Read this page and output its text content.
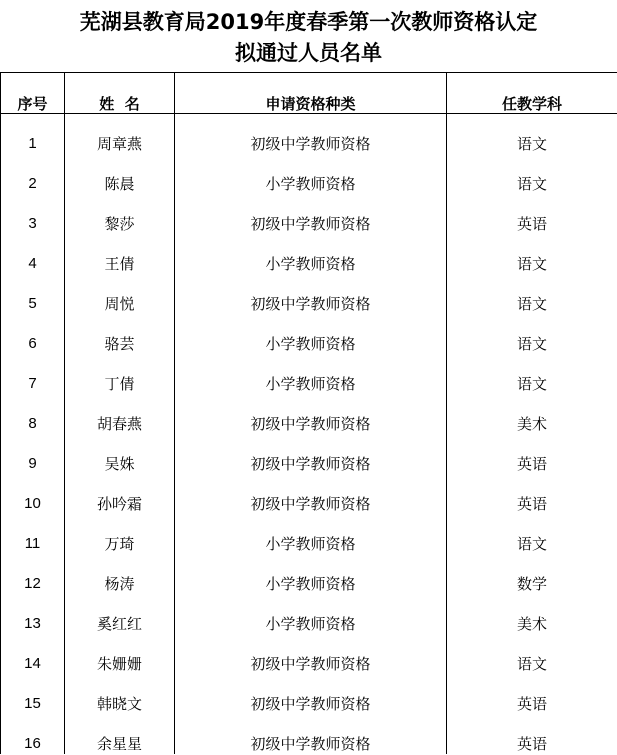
芜湖县教育局2019年度春季第一次教师资格认定
拟通过人员名单
序号	姓  名	申请资格种类	任教学科
1	周章燕	初级中学教师资格	语文
2	陈晨	小学教师资格	语文
3	黎莎	初级中学教师资格	英语
4	王倩	小学教师资格	语文
5	周悦	初级中学教师资格	语文
6	骆芸	小学教师资格	语文
7	丁倩	小学教师资格	语文
8	胡春燕	初级中学教师资格	美术
9	吴姝	初级中学教师资格	英语
10	孙吟霜	初级中学教师资格	英语
11	万琦	小学教师资格	语文
12	杨涛	小学教师资格	数学
13	奚红红	小学教师资格	美术
14	朱姗姗	初级中学教师资格	语文
15	韩晓文	初级中学教师资格	英语
16	余星星	初级中学教师资格	英语
